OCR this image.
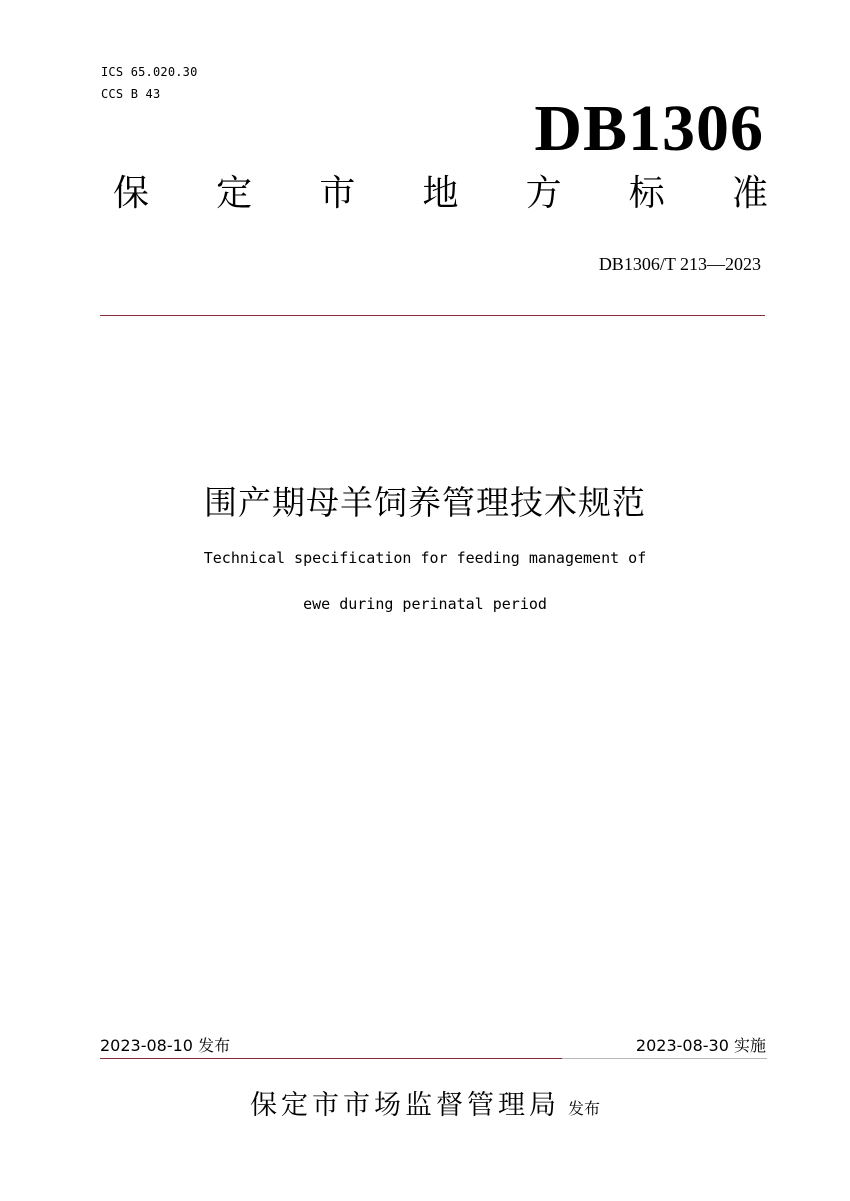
ICS 65.020.30
CCS B 43	DB1306
保 定 市 地 方 标 准
DB1306/T 213—2023
围产期母羊饲养管理技术规范
Technical specification for feeding management of
ewe during perinatal period
2023-08-10 发布	2023-08-30 实施
保定市市场监督管理局 发布
